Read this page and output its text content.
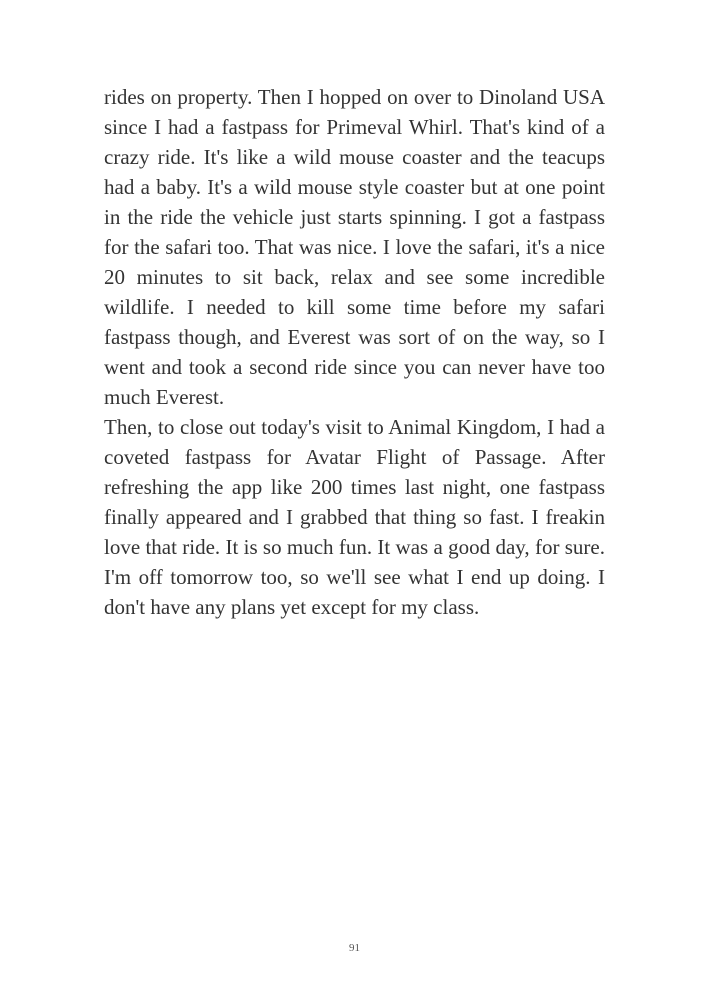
rides on property. Then I hopped on over to Dinoland USA since I had a fastpass for Primeval Whirl. That's kind of a crazy ride. It's like a wild mouse coaster and the teacups had a baby. It's a wild mouse style coaster but at one point in the ride the vehicle just starts spinning. I got a fastpass for the safari too. That was nice. I love the safari, it's a nice 20 minutes to sit back, relax and see some incredible wildlife. I needed to kill some time before my safari fastpass though, and Everest was sort of on the way, so I went and took a second ride since you can never have too much Everest.

Then, to close out today's visit to Animal Kingdom, I had a coveted fastpass for Avatar Flight of Passage. After refreshing the app like 200 times last night, one fastpass finally appeared and I grabbed that thing so fast. I freakin love that ride. It is so much fun. It was a good day, for sure. I'm off tomorrow too, so we'll see what I end up doing. I don't have any plans yet except for my class.

91
